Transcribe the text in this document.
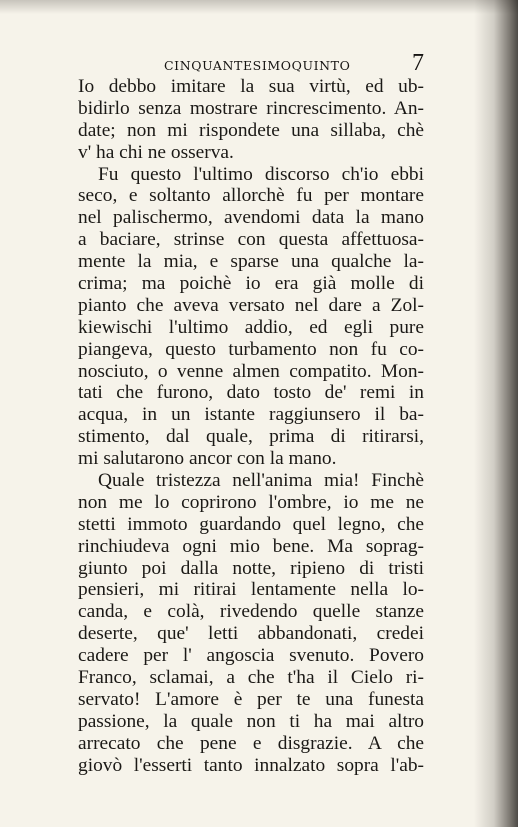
CINQUANTESIMOQUINTO	7
Io debbo imitare la sua virtù, ed ub-
bidirlo senza mostrare rincrescimento. An-
date; non mi rispondete una sillaba, chè
v' ha chi ne osserva.
Fu questo l'ultimo discorso ch'io ebbi
seco, e soltanto allorchè fu per montare
nel palischermo, avendomi data la mano
a baciare, strinse con questa affettuosa-
mente la mia, e sparse una qualche la-
crima; ma poichè io era già molle di
pianto che aveva versato nel dare a Zol-
kiewischi l'ultimo addio, ed egli pure
piangeva, questo turbamento non fu co-
nosciuto, o venne almen compatito. Mon-
tati che furono, dato tosto de' remi in
acqua, in un istante raggiunsero il ba-
stimento, dal quale, prima di ritirarsi,
mi salutarono ancor con la mano.
Quale tristezza nell'anima mia! Finchè
non me lo coprirono l'ombre, io me ne
stetti immoto guardando quel legno, che
rinchiudeva ogni mio bene. Ma soprag-
giunto poi dalla notte, ripieno di tristi
pensieri, mi ritirai lentamente nella lo-
canda, e colà, rivedendo quelle stanze
deserte, que' letti abbandonati, credei
cadere per l' angoscia svenuto. Povero
Franco, sclamai, a che t'ha il Cielo ri-
servato! L'amore è per te una funesta
passione, la quale non ti ha mai altro
arrecato che pene e disgrazie. A che
giovò l'esserti tanto innalzato sopra l'ab-
